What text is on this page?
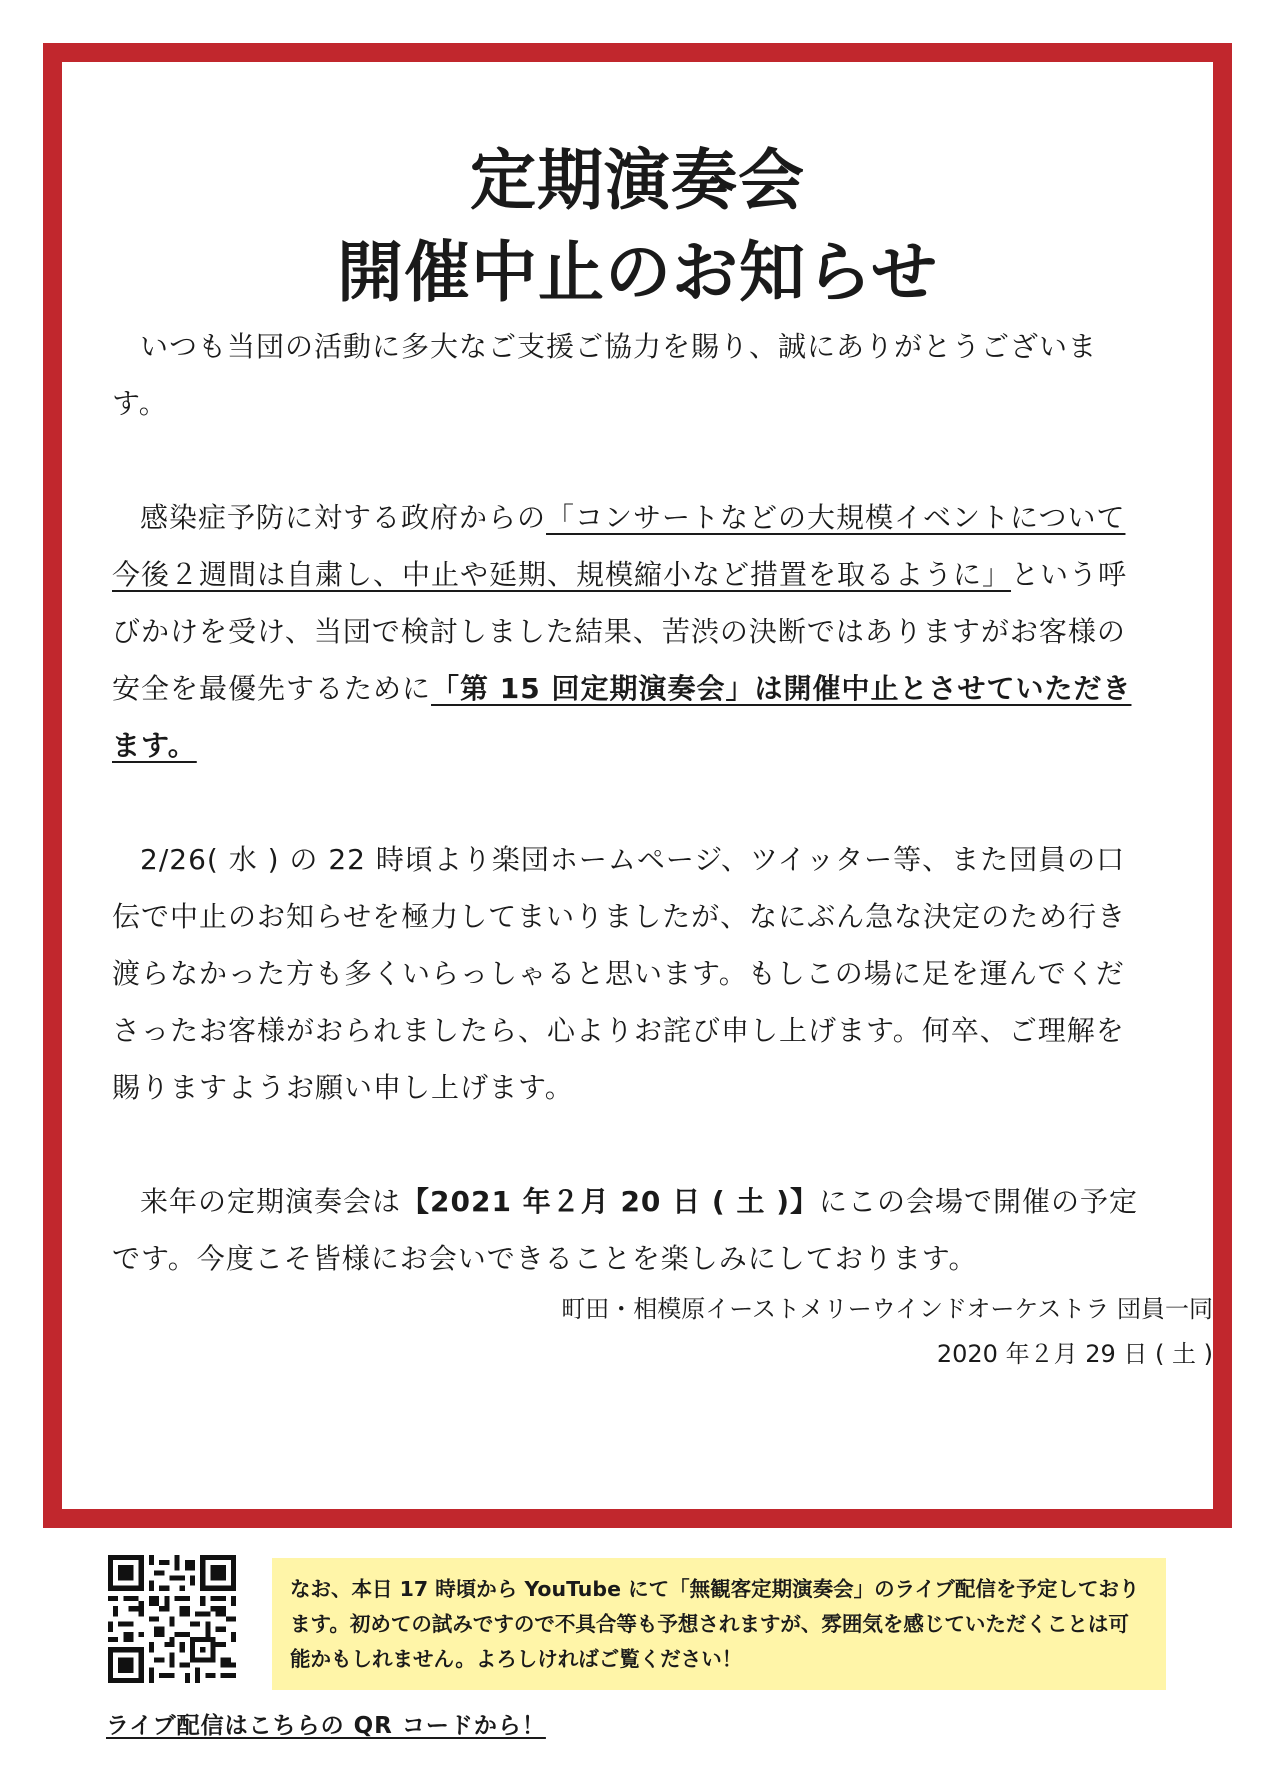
定期演奏会
開催中止のお知らせ

いつも当団の活動に多大なご支援ご協力を賜り、誠にありがとうございます。

感染症予防に対する政府からの「コンサートなどの大規模イベントについて今後２週間は自粛し、中止や延期、規模縮小など措置を取るように」という呼びかけを受け、当団で検討しました結果、苦渋の決断ではありますがお客様の安全を最優先するために「第 15 回定期演奏会」は開催中止とさせていただきます。

2/26( 水 ) の 22 時頃より楽団ホームページ、ツイッター等、また団員の口伝で中止のお知らせを極力してまいりましたが、なにぶん急な決定のため行き渡らなかった方も多くいらっしゃると思います。もしこの場に足を運んでくださったお客様がおられましたら、心よりお詫び申し上げます。何卒、ご理解を賜りますようお願い申し上げます。

来年の定期演奏会は【2021 年２月 20 日 ( 土 )】にこの会場で開催の予定です。今度こそ皆様にお会いできることを楽しみにしております。

町田・相模原イーストメリーウインドオーケストラ 団員一同
2020 年２月 29 日 ( 土 )
ライブ配信はこちらの QR コードから！
なお、本日 17 時頃から YouTube にて「無観客定期演奏会」のライブ配信を予定しております。初めての試みですので不具合等も予想されますが、雰囲気を感じていただくことは可能かもしれません。よろしければご覧ください！
